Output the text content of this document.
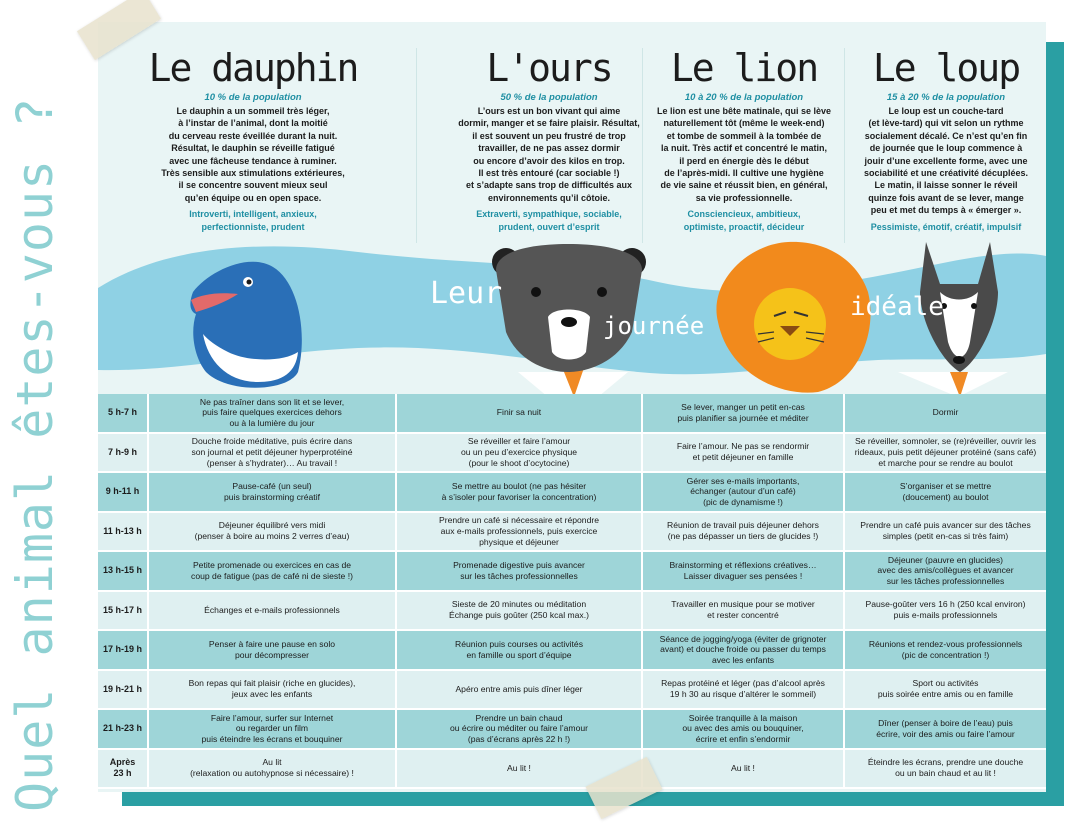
Leur
journée
idéale
Le dauphin
10 % de la population
Le dauphin a un sommeil très léger,
à l’instar de l’animal, dont la moitié
du cerveau reste éveillée durant la nuit.
Résultat, le dauphin se réveille fatigué
avec une fâcheuse tendance à ruminer.
Très sensible aux stimulations extérieures,
il se concentre souvent mieux seul
qu’en équipe ou en open space.
Introverti, intelligent, anxieux,
perfectionniste, prudent
L'ours
50 % de la population
L’ours est un bon vivant qui aime
dormir, manger et se faire plaisir. Résultat,
il est souvent un peu frustré de trop
travailler, de ne pas assez dormir
ou encore d’avoir des kilos en trop.
Il est très entouré (car sociable !)
et s’adapte sans trop de difficultés aux
environnements qu’il côtoie.
Extraverti, sympathique, sociable,
prudent, ouvert d’esprit
Le lion
10 à 20 % de la population
Le lion est une bête matinale, qui se lève
naturellement tôt (même le week-end)
et tombe de sommeil à la tombée de
la nuit. Très actif et concentré le matin,
il perd en énergie dès le début
de l’après-midi. Il cultive une hygiène
de vie saine et réussit bien, en général,
sa vie professionnelle.
Consciencieux, ambitieux,
optimiste, proactif, décideur
Le loup
15 à 20 % de la population
Le loup est un couche-tard
(et lève-tard) qui vit selon un rythme
socialement décalé. Ce n’est qu’en fin
de journée que le loup commence à
jouir d’une excellente forme, avec une
sociabilité et une créativité décuplées.
Le matin, il laisse sonner le réveil
quinze fois avant de se lever, mange
peu et met du temps à « émerger ».
Pessimiste, émotif, créatif, impulsif
5 h-7 h	Ne pas traîner dans son lit et se lever,
puis faire quelques exercices dehors
ou à la lumière du jour	Finir sa nuit	Se lever, manger un petit en-cas
puis planifier sa journée et méditer	Dormir
7 h-9 h	Douche froide méditative, puis écrire dans
son journal et petit déjeuner hyperprotéiné
(penser à s’hydrater)… Au travail !	Se réveiller et faire l’amour
ou un peu d’exercice physique
(pour le shoot d’ocytocine)	Faire l’amour. Ne pas se rendormir
et petit déjeuner en famille	Se réveiller, somnoler, se (re)réveiller, ouvrir les
rideaux, puis petit déjeuner protéiné (sans café)
et marche pour se rendre au boulot
9 h-11 h	Pause-café (un seul)
puis brainstorming créatif	Se mettre au boulot (ne pas hésiter
à s’isoler pour favoriser la concentration)	Gérer ses e-mails importants,
échanger (autour d’un café)
(pic de dynamisme !)	S’organiser et se mettre
(doucement) au boulot
11 h-13 h	Déjeuner équilibré vers midi
(penser à boire au moins 2 verres d’eau)	Prendre un café si nécessaire et répondre
aux e-mails professionnels, puis exercice
physique et déjeuner	Réunion de travail puis déjeuner dehors
(ne pas dépasser un tiers de glucides !)	Prendre un café puis avancer sur des tâches
simples (petit en-cas si très faim)
13 h-15 h	Petite promenade ou exercices en cas de
coup de fatigue (pas de café ni de sieste !)	Promenade digestive puis avancer
sur les tâches professionnelles	Brainstorming et réflexions créatives…
Laisser divaguer ses pensées !	Déjeuner (pauvre en glucides)
avec des amis/collègues et avancer
sur les tâches professionnelles
15 h-17 h	Échanges et e-mails professionnels	Sieste de 20 minutes ou méditation
Échange puis goûter (250 kcal max.)	Travailler en musique pour se motiver
et rester concentré	Pause-goûter vers 16 h (250 kcal environ)
puis e-mails professionnels
17 h-19 h	Penser à faire une pause en solo
pour décompresser	Réunion puis courses ou activités
en famille ou sport d’équipe	Séance de jogging/yoga (éviter de grignoter
avant) et douche froide ou passer du temps
avec les enfants	Réunions et rendez-vous professionnels
(pic de concentration !)
19 h-21 h	Bon repas qui fait plaisir (riche en glucides),
jeux avec les enfants	Apéro entre amis puis dîner léger	Repas protéiné et léger (pas d’alcool après
19 h 30 au risque d’altérer le sommeil)	Sport ou activités
puis soirée entre amis ou en famille
21 h-23 h	Faire l’amour, surfer sur Internet
ou regarder un film
puis éteindre les écrans et bouquiner	Prendre un bain chaud
ou écrire ou méditer ou faire l’amour
(pas d’écrans après 22 h !)	Soirée tranquille à la maison
ou avec des amis ou bouquiner,
écrire et enfin s’endormir	Dîner (penser à boire de l’eau) puis
écrire, voir des amis ou faire l’amour
Après
23 h	Au lit
(relaxation ou autohypnose si nécessaire) !	Au lit !	Au lit !	Éteindre les écrans, prendre une douche
ou un bain chaud et au lit !
Quel animal êtes-vous ?
